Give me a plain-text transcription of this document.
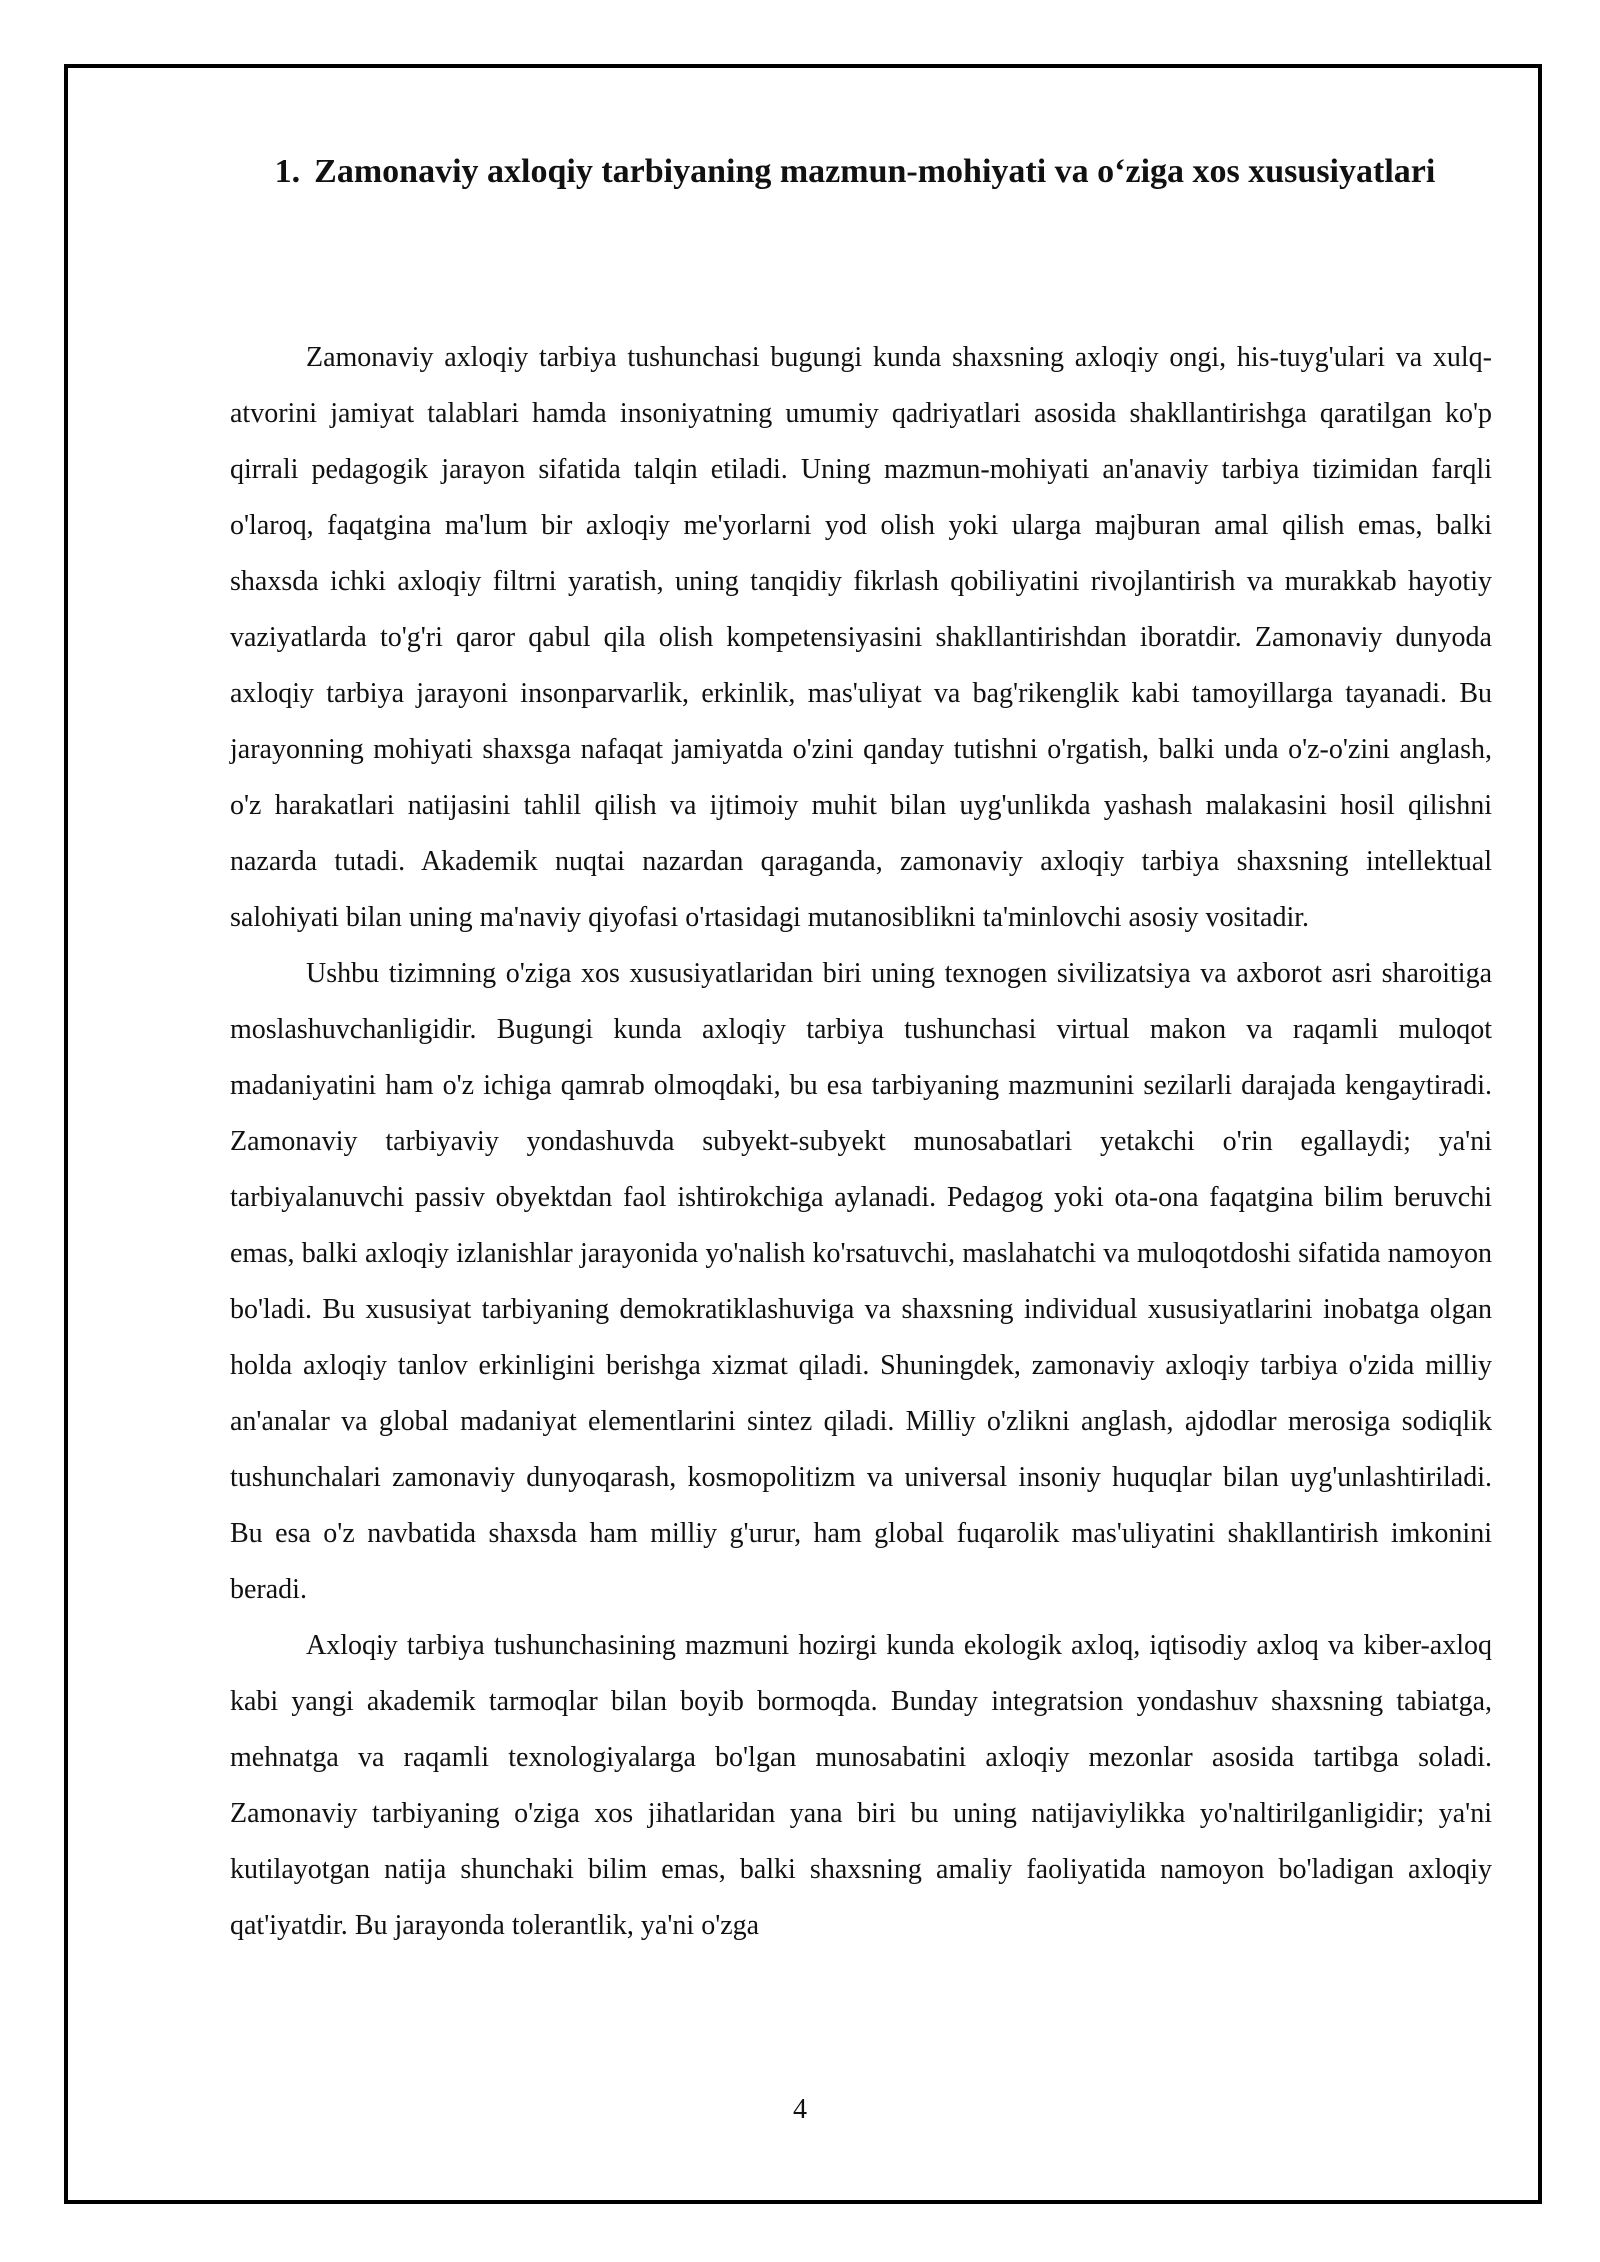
1. Zamonaviy axloqiy tarbiyaning mazmun-mohiyati va o‘ziga xos xususiyatlari

Zamonaviy axloqiy tarbiya tushunchasi bugungi kunda shaxsning axloqiy ongi, his-tuyg'ulari va xulq-atvorini jamiyat talablari hamda insoniyatning umumiy qadriyatlari asosida shakllantirishga qaratilgan ko'p qirrali pedagogik jarayon sifatida talqin etiladi. Uning mazmun-mohiyati an'anaviy tarbiya tizimidan farqli o'laroq, faqatgina ma'lum bir axloqiy me'yorlarni yod olish yoki ularga majburan amal qilish emas, balki shaxsda ichki axloqiy filtrni yaratish, uning tanqidiy fikrlash qobiliyatini rivojlantirish va murakkab hayotiy vaziyatlarda to'g'ri qaror qabul qila olish kompetensiyasini shakllantirishdan iboratdir. Zamonaviy dunyoda axloqiy tarbiya jarayoni insonparvarlik, erkinlik, mas'uliyat va bag'rikenglik kabi tamoyillarga tayanadi. Bu jarayonning mohiyati shaxsga nafaqat jamiyatda o'zini qanday tutishni o'rgatish, balki unda o'z-o'zini anglash, o'z harakatlari natijasini tahlil qilish va ijtimoiy muhit bilan uyg'unlikda yashash malakasini hosil qilishni nazarda tutadi. Akademik nuqtai nazardan qaraganda, zamonaviy axloqiy tarbiya shaxsning intellektual salohiyati bilan uning ma'naviy qiyofasi o'rtasidagi mutanosiblikni ta'minlovchi asosiy vositadir.

Ushbu tizimning o'ziga xos xususiyatlaridan biri uning texnogen sivilizatsiya va axborot asri sharoitiga moslashuvchanligidir. Bugungi kunda axloqiy tarbiya tushunchasi virtual makon va raqamli muloqot madaniyatini ham o'z ichiga qamrab olmoqdaki, bu esa tarbiyaning mazmunini sezilarli darajada kengaytiradi. Zamonaviy tarbiyaviy yondashuvda subyekt-subyekt munosabatlari yetakchi o'rin egallaydi; ya'ni tarbiyalanuvchi passiv obyektdan faol ishtirokchiga aylanadi. Pedagog yoki ota-ona faqatgina bilim beruvchi emas, balki axloqiy izlanishlar jarayonida yo'nalish ko'rsatuvchi, maslahatchi va muloqotdoshi sifatida namoyon bo'ladi. Bu xususiyat tarbiyaning demokratiklashuviga va shaxsning individual xususiyatlarini inobatga olgan holda axloqiy tanlov erkinligini berishga xizmat qiladi. Shuningdek, zamonaviy axloqiy tarbiya o'zida milliy an'analar va global madaniyat elementlarini sintez qiladi. Milliy o'zlikni anglash, ajdodlar merosiga sodiqlik tushunchalari zamonaviy dunyoqarash, kosmopolitizm va universal insoniy huquqlar bilan uyg'unlashtiriladi. Bu esa o'z navbatida shaxsda ham milliy g'urur, ham global fuqarolik mas'uliyatini shakllantirish imkonini beradi.

Axloqiy tarbiya tushunchasining mazmuni hozirgi kunda ekologik axloq, iqtisodiy axloq va kiber-axloq kabi yangi akademik tarmoqlar bilan boyib bormoqda. Bunday integratsion yondashuv shaxsning tabiatga, mehnatga va raqamli texnologiyalarga bo'lgan munosabatini axloqiy mezonlar asosida tartibga soladi. Zamonaviy tarbiyaning o'ziga xos jihatlaridan yana biri bu uning natijaviylikka yo'naltirilganligidir; ya'ni kutilayotgan natija shunchaki bilim emas, balki shaxsning amaliy faoliyatida namoyon bo'ladigan axloqiy qat'iyatdir. Bu jarayonda tolerantlik, ya'ni o'zga

4
